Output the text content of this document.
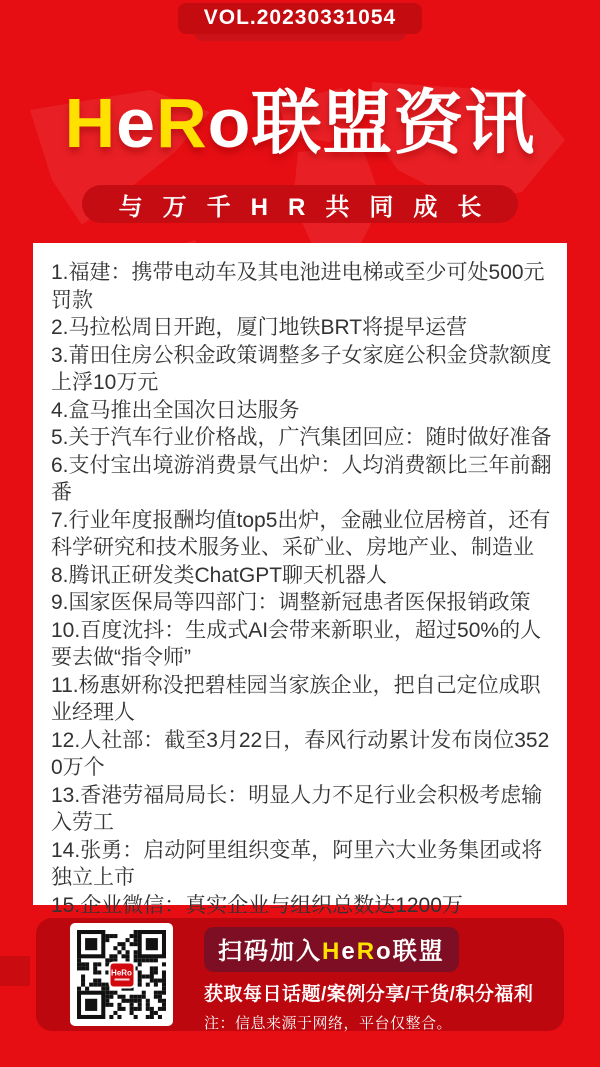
VOL.20230331054
HeRo联盟资讯
与万千HR共同成长

1.福建：携带电动车及其电池进电梯或至少可处500元罚款

2.马拉松周日开跑，厦门地铁BRT将提早运营

3.莆田住房公积金政策调整多子女家庭公积金贷款额度上浮10万元

4.盒马推出全国次日达服务

5.关于汽车行业价格战，广汽集团回应：随时做好准备

6.支付宝出境游消费景气出炉：人均消费额比三年前翻番

7.行业年度报酬均值top5出炉，金融业位居榜首，还有科学研究和技术服务业、采矿业、房地产业、制造业

8.腾讯正研发类ChatGPT聊天机器人

9.国家医保局等四部门：调整新冠患者医保报销政策

10.百度沈抖：生成式AI会带来新职业，超过50%的人要去做“指令师”

11.杨惠妍称没把碧桂园当家族企业，把自己定位成职业经理人

12.人社部：截至3月22日，春风行动累计发布岗位3520万个

13.香港劳福局局长：明显人力不足行业会积极考虑输入劳工

14.张勇：启动阿里组织变革，阿里六大业务集团或将独立上市

15.企业微信：真实企业与组织总数达1200万

HeRo
扫码加入HeRo联盟
获取每日话题/案例分享/干货/积分福利
注：信息来源于网络，平台仅整合。
